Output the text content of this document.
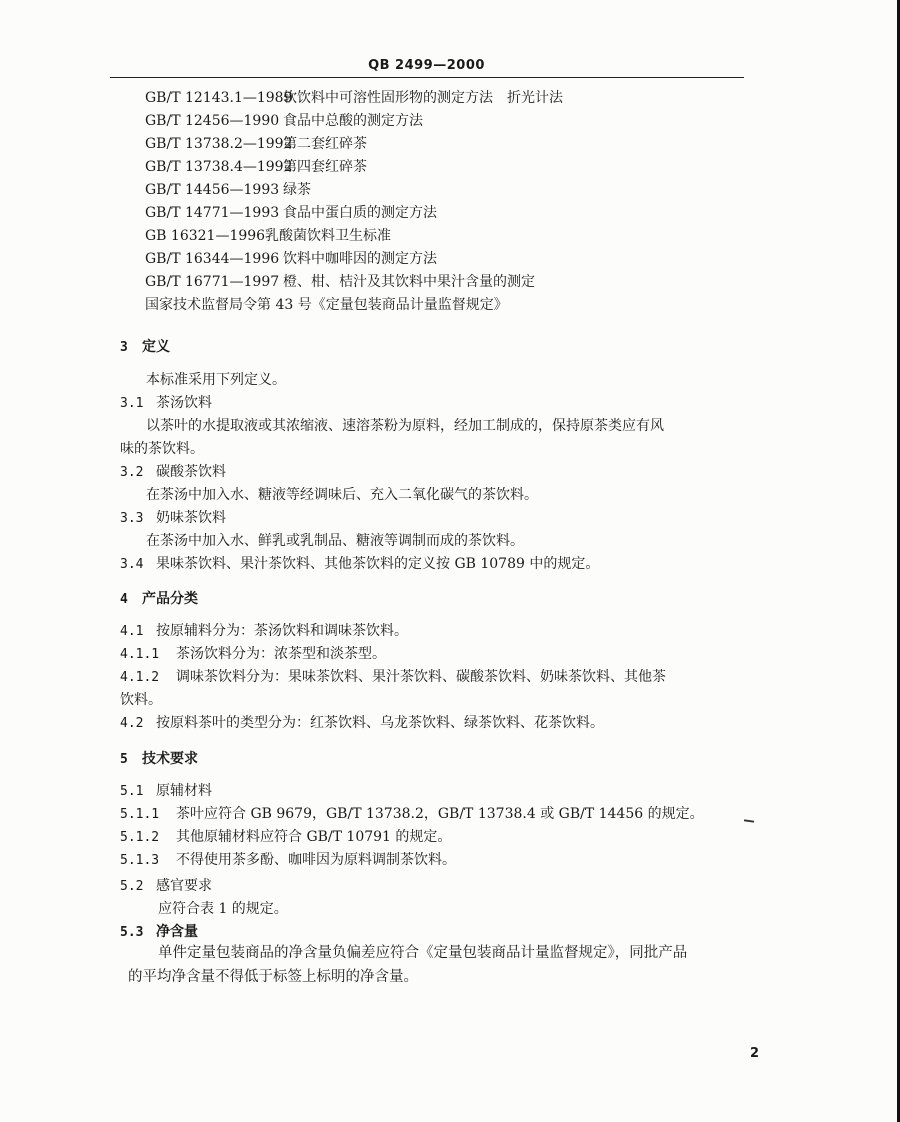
QB 2499—2000
GB/T 12143.1—1989软饮料中可溶性固形物的测定方法　折光计法
GB/T 12456—1990 食品中总酸的测定方法
GB/T 13738.2—1992第二套红碎茶
GB/T 13738.4—1992第四套红碎茶
GB/T 14456—1993 绿茶
GB/T 14771—1993 食品中蛋白质的测定方法
GB 16321—1996乳酸菌饮料卫生标准
GB/T 16344—1996 饮料中咖啡因的测定方法
GB/T 16771—1997 橙、柑、桔汁及其饮料中果汁含量的测定
国家技术监督局令第 43 号《定量包装商品计量监督规定》
3 定义
本标准采用下列定义。
3.1 茶汤饮料
以茶叶的水提取液或其浓缩液、速溶茶粉为原料，经加工制成的，保持原茶类应有风
味的茶饮料。
3.2 碳酸茶饮料
在茶汤中加入水、糖液等经调味后、充入二氧化碳气的茶饮料。
3.3 奶味茶饮料
在茶汤中加入水、鲜乳或乳制品、糖液等调制而成的茶饮料。
3.4 果味茶饮料、果汁茶饮料、其他茶饮料的定义按 GB 10789 中的规定。
4 产品分类
4.1 按原辅料分为：茶汤饮料和调味茶饮料。
4.1.1 茶汤饮料分为：浓茶型和淡茶型。
4.1.2 调味茶饮料分为：果味茶饮料、果汁茶饮料、碳酸茶饮料、奶味茶饮料、其他茶
饮料。
4.2 按原料茶叶的类型分为：红茶饮料、乌龙茶饮料、绿茶饮料、花茶饮料。
5 技术要求
5.1 原辅材料
5.1.1 茶叶应符合 GB 9679，GB/T 13738.2，GB/T 13738.4 或 GB/T 14456 的规定。
5.1.2 其他原辅材料应符合 GB/T 10791 的规定。
5.1.3 不得使用茶多酚、咖啡因为原料调制茶饮料。
5.2 感官要求
应符合表 1 的规定。
5.3 净含量
单件定量包装商品的净含量负偏差应符合《定量包装商品计量监督规定》，同批产品
的平均净含量不得低于标签上标明的净含量。
2
